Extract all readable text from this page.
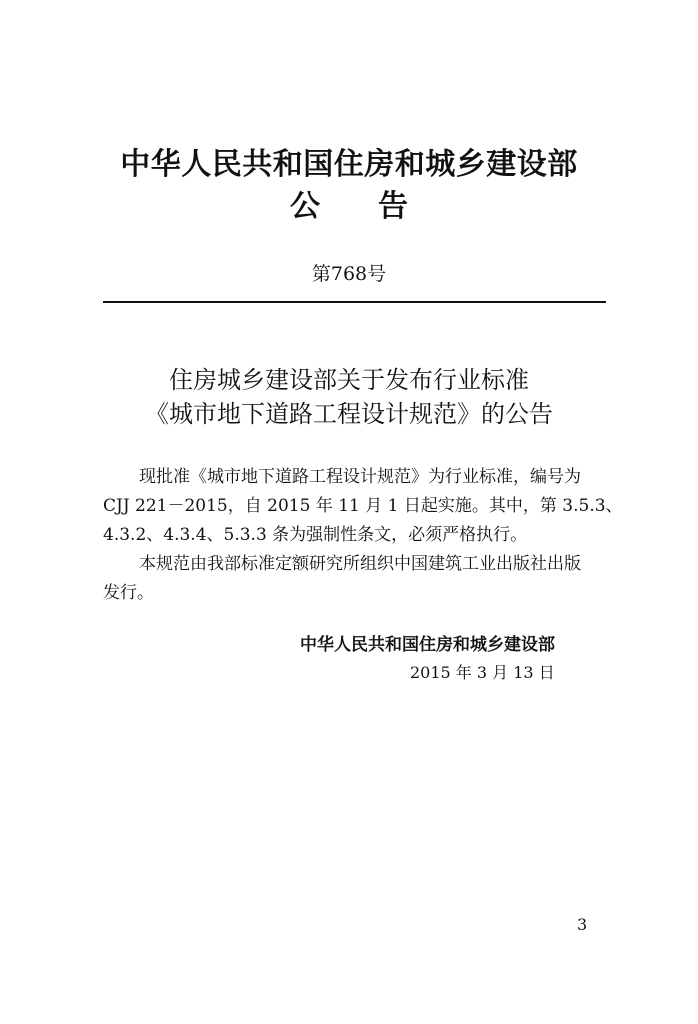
中华人民共和国住房和城乡建设部
公告
第768号
住房城乡建设部关于发布行业标准
《城市地下道路工程设计规范》的公告
现批准《城市地下道路工程设计规范》为行业标准，编号为
CJJ 221－2015，自 2015 年 11 月 1 日起实施。其中，第 3.5.3、
4.3.2、4.3.4、5.3.3 条为强制性条文，必须严格执行。
本规范由我部标准定额研究所组织中国建筑工业出版社出版
发行。
中华人民共和国住房和城乡建设部
2015 年 3 月 13 日
3
